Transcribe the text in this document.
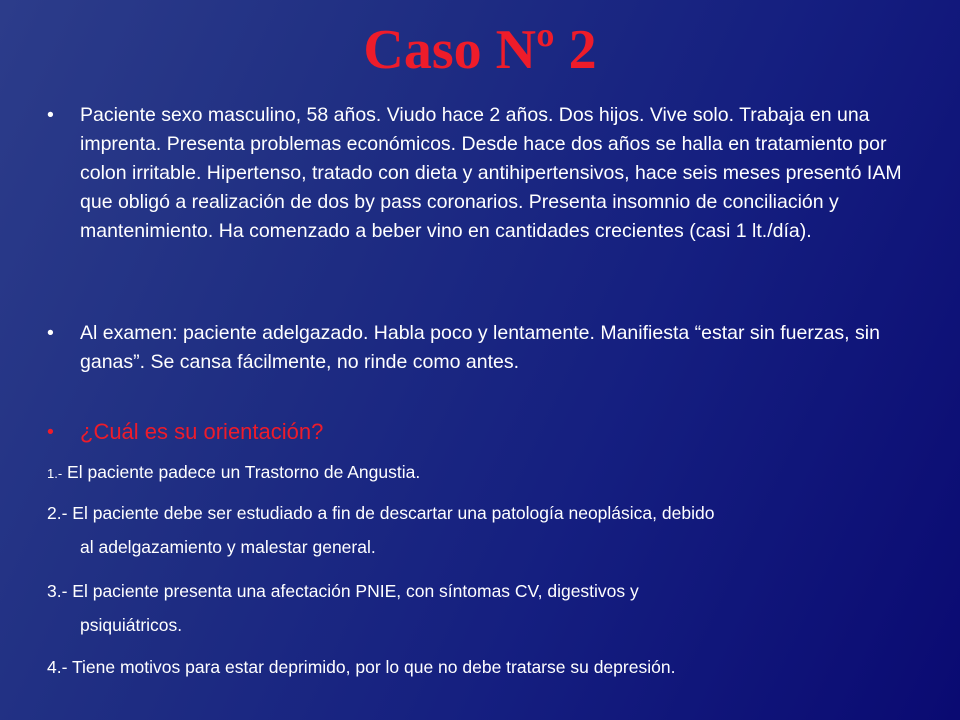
Caso Nº 2
• Paciente sexo masculino, 58 años. Viudo hace 2 años. Dos hijos. Vive solo. Trabaja en una imprenta. Presenta problemas económicos. Desde hace dos años se halla en tratamiento por colon irritable. Hipertenso, tratado con dieta y antihipertensivos, hace seis meses presentó IAM que obligó a realización de dos by pass coronarios. Presenta insomnio de conciliación y mantenimiento. Ha comenzado a beber vino en cantidades crecientes (casi 1 lt./día).
• Al examen: paciente adelgazado. Habla poco y lentamente. Manifiesta “estar sin fuerzas, sin ganas”. Se cansa fácilmente, no rinde como antes.
• ¿Cuál es su orientación?
1.- El paciente padece un Trastorno de Angustia.
2.- El paciente debe ser estudiado a fin de descartar una patología neoplásica, debido
al adelgazamiento y malestar general.
3.- El paciente presenta una afectación PNIE, con síntomas CV, digestivos y
psiquiátricos.
4.- Tiene motivos para estar deprimido, por lo que no debe tratarse su depresión.
